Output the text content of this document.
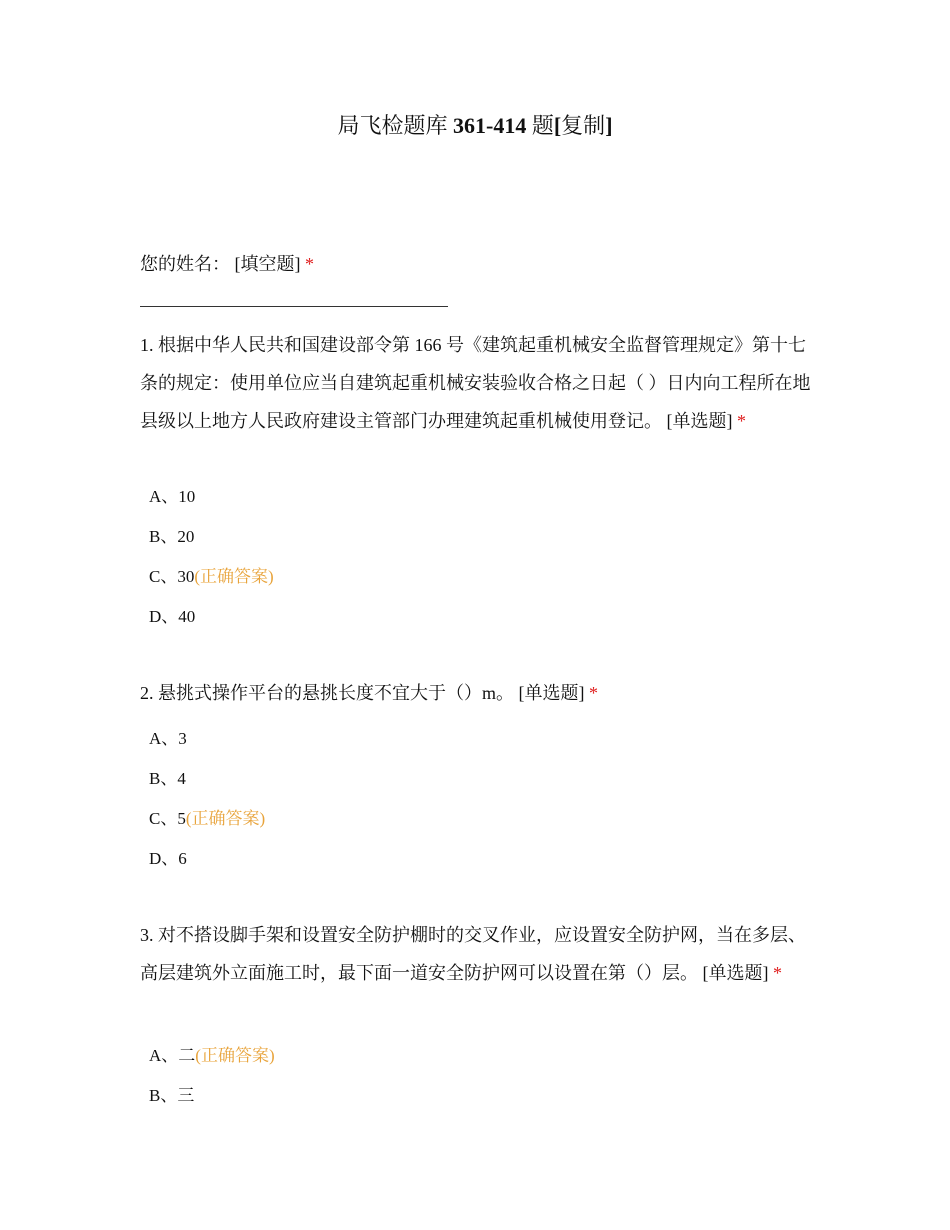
局飞检题库 361-414 题[复制]
您的姓名： [填空题] *
1. 根据中华人民共和国建设部令第 166 号《建筑起重机械安全监督管理规定》第十七条的规定：使用单位应当自建筑起重机械安装验收合格之日起（ ）日内向工程所在地县级以上地方人民政府建设主管部门办理建筑起重机械使用登记。 [单选题] *
A、10
B、20
C、30(正确答案)
D、40
2. 悬挑式操作平台的悬挑长度不宜大于（）m。 [单选题] *
A、3
B、4
C、5(正确答案)
D、6
3. 对不搭设脚手架和设置安全防护棚时的交叉作业，应设置安全防护网，当在多层、高层建筑外立面施工时，最下面一道安全防护网可以设置在第（）层。 [单选题] *
A、二(正确答案)
B、三
